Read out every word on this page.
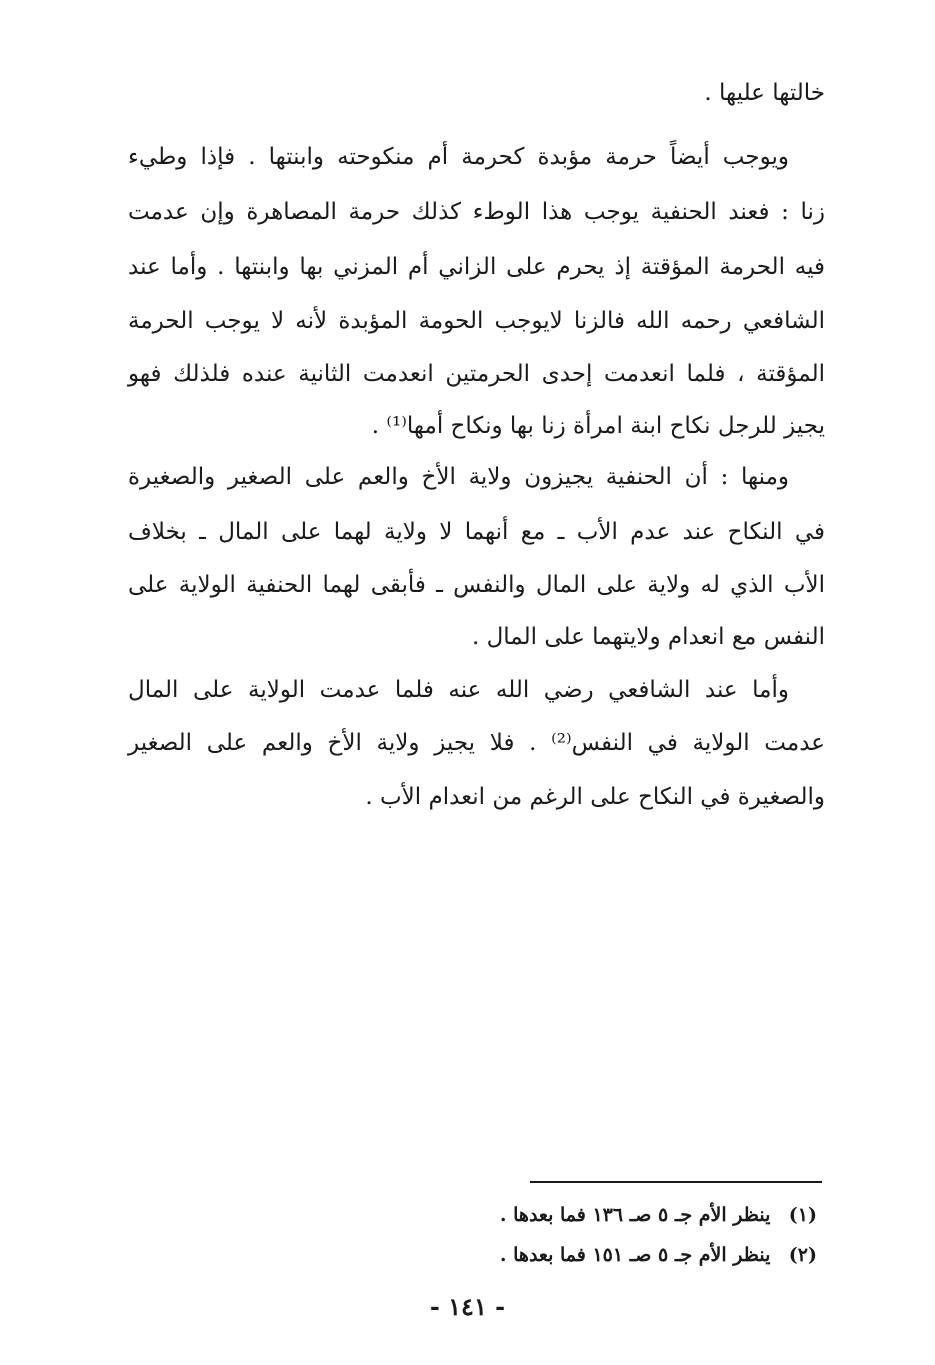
خالتها عليها .
ويوجب أيضاً حرمة مؤبدة كحرمة أم منكوحته وابنتها . فإذا وطيء
زنا : فعند الحنفية يوجب هذا الوطء كذلك حرمة المصاهرة وإن عدمت
فيه الحرمة المؤقتة إذ يحرم على الزاني أم المزني بها وابنتها . وأما عند
الشافعي رحمه الله فالزنا لايوجب الحومة المؤبدة لأنه لا يوجب الحرمة
المؤقتة ، فلما انعدمت إحدى الحرمتين انعدمت الثانية عنده فلذلك فهو
يجيز للرجل نكاح ابنة امرأة زنا بها ونكاح أمها⁽¹⁾ .
ومنها : أن الحنفية يجيزون ولاية الأخ والعم على الصغير والصغيرة
في النكاح عند عدم الأب ـ مع أنهما لا ولاية لهما على المال ـ بخلاف
الأب الذي له ولاية على المال والنفس ـ فأبقى لهما الحنفية الولاية على
النفس مع انعدام ولايتهما على المال .
وأما عند الشافعي رضي الله عنه فلما عدمت الولاية على المال
عدمت الولاية في النفس⁽²⁾ . فلا يجيز ولاية الأخ والعم على الصغير
والصغيرة في النكاح على الرغم من انعدام الأب .
(١) ينظر الأم جـ ٥ صـ ١٣٦ فما بعدها .
(٢) ينظر الأم جـ ٥ صـ ١٥١ فما بعدها .
- ١٤١ -
